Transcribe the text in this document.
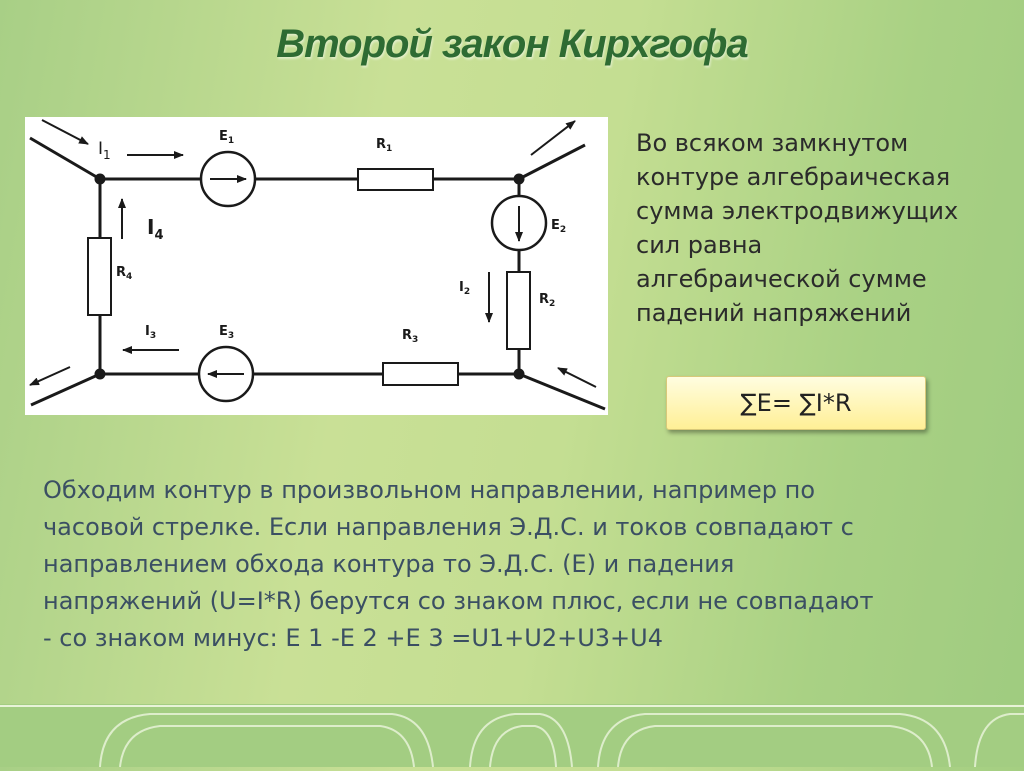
Второй закон Кирхгофа
$I_1$
$E_1$	$R_1$
$I_4$
$R_4$
$E_2$
$I_2$	$R_2$
$I_3$	$E_3$	$R_3$
Во всяком замкнутом
контуре алгебраическая
сумма электродвижущих
сил равна
алгебраической сумме
падений напряжений
∑E= ∑I*R
Обходим контур в произвольном направлении, например по
часовой стрелке. Если направления Э.Д.С. и токов совпадают с
направлением обхода контура то Э.Д.С. (Е) и падения
напряжений (U=I*R) берутся со знаком плюс, если не совпадают
- со знаком минус: Е 1 -Е 2 +Е 3 =U1+U2+U3+U4
